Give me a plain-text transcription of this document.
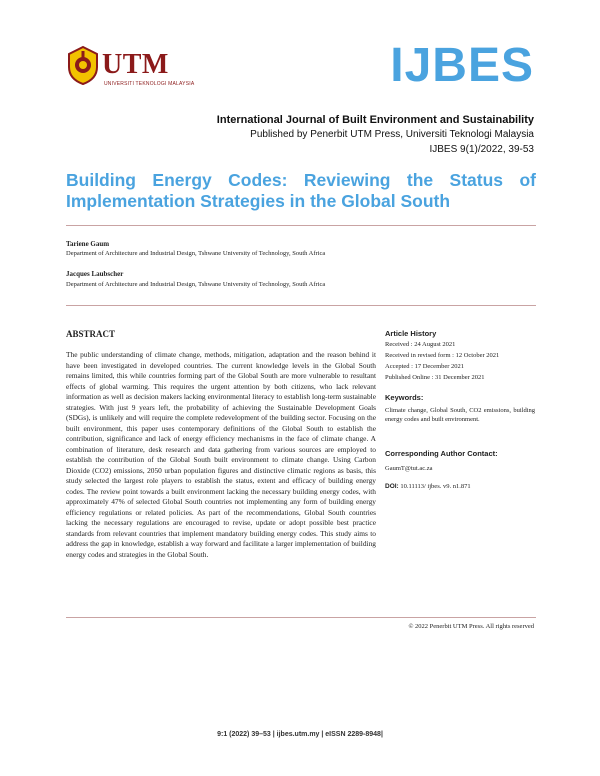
UTM
UNIVERSITI TEKNOLOGI MALAYSIA	IJBES
International Journal of Built Environment and Sustainability
Published by Penerbit UTM Press, Universiti Teknologi Malaysia
IJBES 9(1)/2022, 39-53
Building Energy Codes: Reviewing the Status of Implementation Strategies in the Global South
Tariene Gaum
Department of Architecture and Industrial Design, Tshwane University of Technology, South Africa
Jacques Laubscher
Department of Architecture and Industrial Design, Tshwane University of Technology, South Africa
ABSTRACT
The public understanding of climate change, methods, mitigation, adaptation and the reason behind it have been investigated in developed countries. The current knowledge levels in the Global South remains limited, this while countries forming part of the Global South are more vulnerable to resultant effects of global warming. This requires the urgent attention by both citizens, who lack relevant information as well as decision makers lacking environmental literacy to establish long-term sustainable strategies. With just 9 years left, the probability of achieving the Sustainable Development Goals (SDGs), is unlikely and will require the complete redevelopment of the building sector. Focusing on the built environment, this paper uses contemporary definitions of the Global South to establish the contribution, significance and lack of energy efficiency mechanisms in the face of climate change. A combination of literature, desk research and data gathering from various sources are employed to establish the contribution of the Global South built environment to climate change. Using Carbon Dioxide (CO2) emissions, 2050 urban population figures and distinctive climatic regions as basis, this study selected the largest role players to establish the status, extent and efficacy of building energy codes. The review point towards a built environment lacking the necessary building energy codes, with approximately 47% of selected Global South countries not implementing any form of building energy efficiency regulations or related policies. As part of the recommendations, Global South countries lacking the necessary regulations are encouraged to revise, update or adopt possible best practice standards from relevant countries that implement mandatory building energy codes. This study aims to address the gap in knowledge, establish a way forward and facilitate a larger implementation of building energy codes and strategies in the Global South.
Article History
Received : 24 August 2021
Received in revised form : 12 October 2021
Accepted : 17 December 2021
Published Online : 31 December 2021
Keywords:
Climate change, Global South, CO2 emissions, building energy codes and built environment.
Corresponding Author Contact:
GaumT@tut.ac.za
DOI: 10.11113/ ijbes. v9. n1.871
© 2022 Penerbit UTM Press. All rights reserved
9:1 (2022) 39–53 | ijbes.utm.my | eISSN 2289-8948|
